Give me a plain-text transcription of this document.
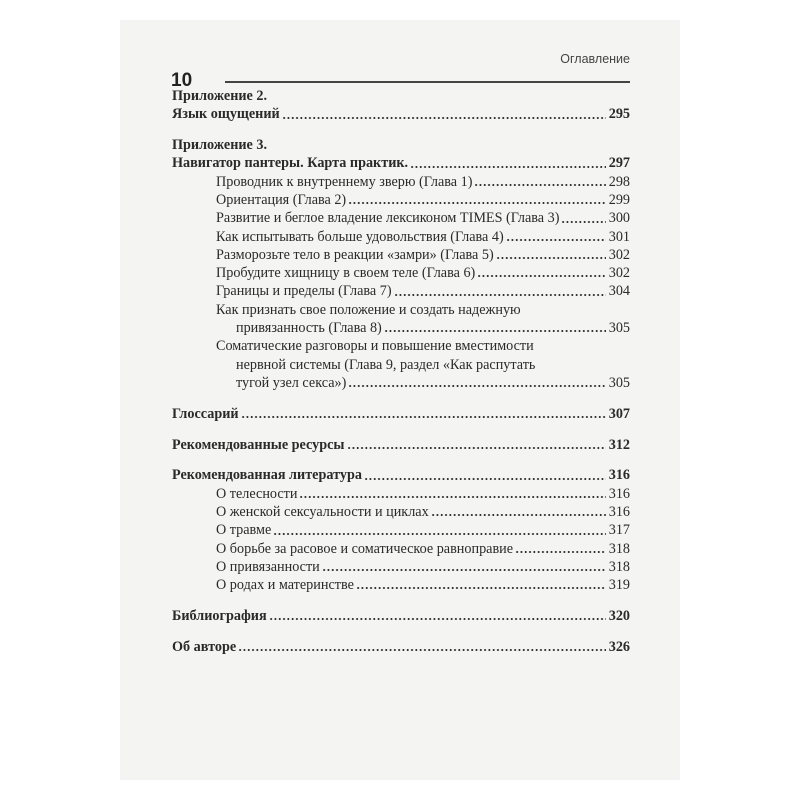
Оглавление
10
Приложение 2.
Язык ощущений	295
Приложение 3.
Навигатор пантеры. Карта практик.	297
Проводник к внутреннему зверю (Глава 1)	298
Ориентация (Глава 2)	299
Развитие и беглое владение лексиконом TIMES (Глава 3)	300
Как испытывать больше удовольствия (Глава 4)	301
Разморозьте тело в реакции «замри» (Глава 5)	302
Пробудите хищницу в своем теле (Глава 6)	302
Границы и пределы (Глава 7)	304
Как признать свое положение и создать надежную
привязанность (Глава 8)	305
Соматические разговоры и повышение вместимости
нервной системы (Глава 9, раздел «Как распутать
тугой узел секса»)	305
Глоссарий	307
Рекомендованные ресурсы	312
Рекомендованная литература	316
О телесности	316
О женской сексуальности и циклах	316
О травме	317
О борьбе за расовое и соматическое равноправие	318
О привязанности	318
О родах и материнстве	319
Библиография	320
Об авторе	326
